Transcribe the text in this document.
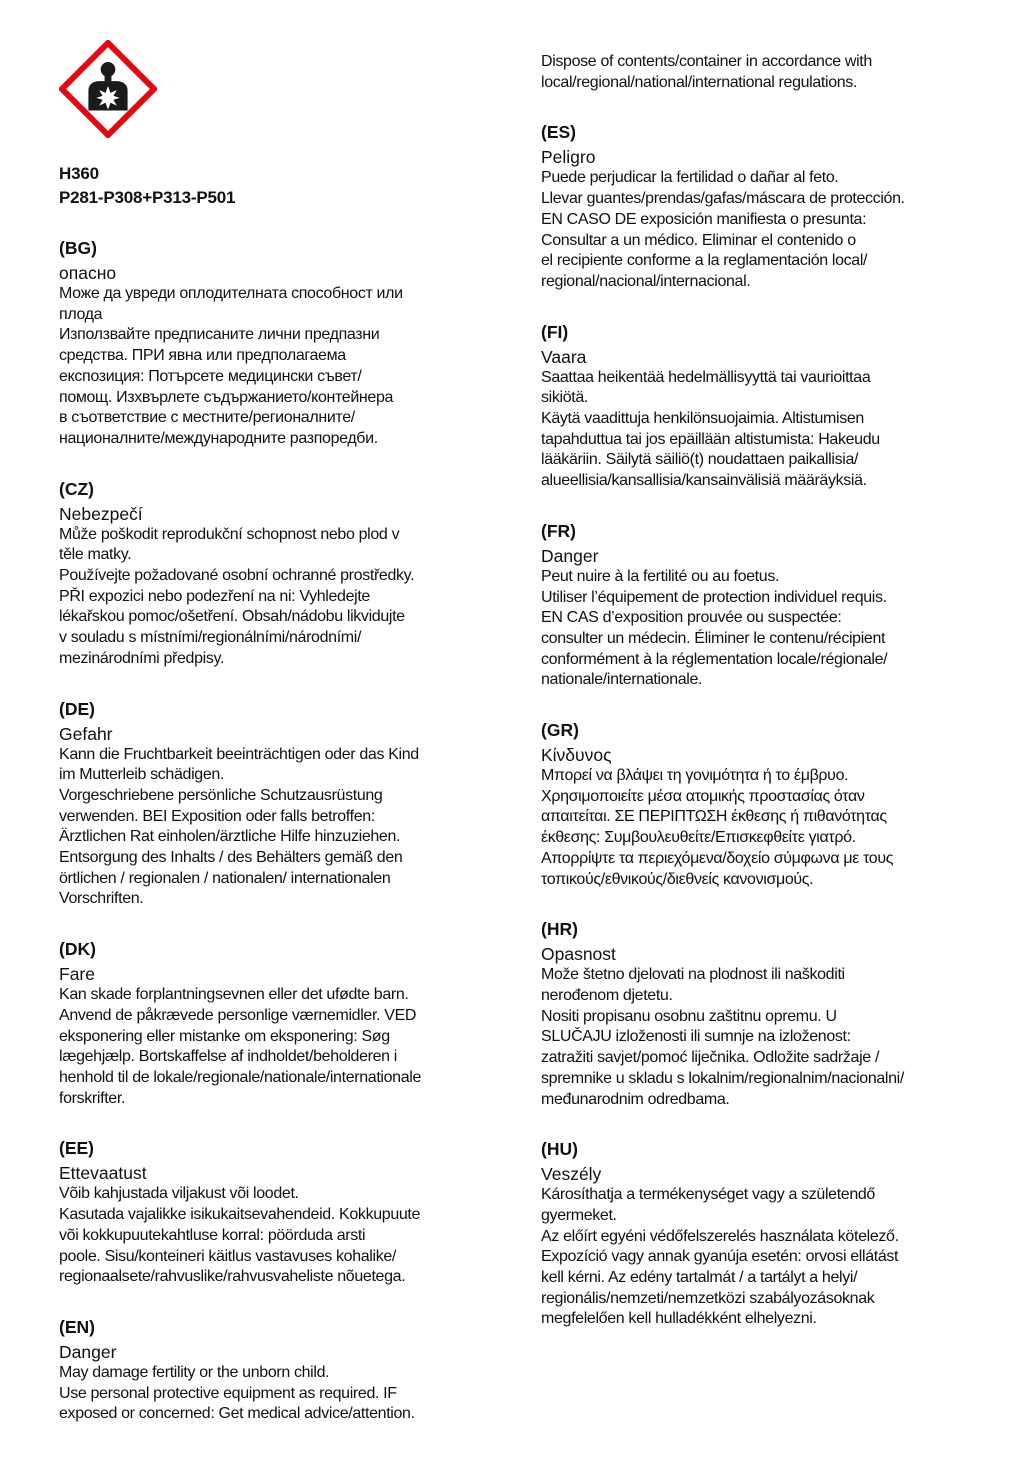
H360
P281-P308+P313-P501
(BG)
опасно

Може да увреди оплодителната способност или

плода

Използвайте предписаните лични предпазни

средства. ПРИ явна или предполагаема

експозиция: Потърсете медицински съвет/

помощ. Изхвърлете съдържанието/контейнера

в съответствие с местните/регионалните/

националните/международните разпоредби.

(CZ)
Nebezpečí

Může poškodit reprodukční schopnost nebo plod v

těle matky.

Používejte požadované osobní ochranné prostředky.

PŘI expozici nebo podezření na ni: Vyhledejte

lékařskou pomoc/ošetření. Obsah/nádobu likvidujte

v souladu s místními/regionálními/národními/

mezinárodními předpisy.

(DE)
Gefahr

Kann die Fruchtbarkeit beeinträchtigen oder das Kind

im Mutterleib schädigen.

Vorgeschriebene persönliche Schutzausrüstung

verwenden. BEI Exposition oder falls betroffen:

Ärztlichen Rat einholen/ärztliche Hilfe hinzuziehen.

Entsorgung des Inhalts / des Behälters gemäß den

örtlichen / regionalen / nationalen/ internationalen

Vorschriften.

(DK)
Fare

Kan skade forplantningsevnen eller det ufødte barn.

Anvend de påkrævede personlige værnemidler. VED

eksponering eller mistanke om eksponering: Søg

lægehjælp. Bortskaffelse af indholdet/beholderen i

henhold til de lokale/regionale/nationale/internationale

forskrifter.

(EE)
Ettevaatust

Võib kahjustada viljakust või loodet.

Kasutada vajalikke isikukaitsevahendeid. Kokkupuute

või kokkupuutekahtluse korral: pöörduda arsti

poole. Sisu/konteineri käitlus vastavuses kohalike/

regionaalsete/rahvuslike/rahvusvaheliste nõuetega.

(EN)
Danger

May damage fertility or the unborn child.

Use personal protective equipment as required. IF

exposed or concerned: Get medical advice/attention.

Dispose of contents/container in accordance with

local/regional/national/international regulations.

(ES)
Peligro

Puede perjudicar la fertilidad o dañar al feto.

Llevar guantes/prendas/gafas/máscara de protección.

EN CASO DE exposición manifiesta o presunta:

Consultar a un médico. Eliminar el contenido o

el recipiente conforme a la reglamentación local/

regional/nacional/internacional.

(FI)
Vaara

Saattaa heikentää hedelmällisyyttä tai vaurioittaa

sikiötä.

Käytä vaadittuja henkilönsuojaimia. Altistumisen

tapahduttua tai jos epäillään altistumista: Hakeudu

lääkäriin. Säilytä säiliö(t) noudattaen paikallisia/

alueellisia/kansallisia/kansainvälisiä määräyksiä.

(FR)
Danger

Peut nuire à la fertilité ou au foetus.

Utiliser l’équipement de protection individuel requis.

EN CAS d’exposition prouvée ou suspectée:

consulter un médecin. Éliminer le contenu/récipient

conformément à la réglementation locale/régionale/

nationale/internationale.

(GR)
Κίνδυνος

Μπορεί να βλάψει τη γονιμότητα ή το έμβρυο.

Χρησιμοποιείτε μέσα ατομικής προστασίας όταν

απαιτείται. ΣΕ ΠΕΡΙΠΤΩΣΗ έκθεσης ή πιθανότητας

έκθεσης: Συμβουλευθείτε/Επισκεφθείτε γιατρό.

Απορρίψτε τα περιεχόμενα/δοχείο σύμφωνα με τους

τοπικούς/εθνικούς/διεθνείς κανονισμούς.

(HR)
Opasnost

Može štetno djelovati na plodnost ili naškoditi

nerođenom djetetu.

Nositi propisanu osobnu zaštitnu opremu. U

SLUČAJU izloženosti ili sumnje na izloženost:

zatražiti savjet/pomoć liječnika. Odložite sadržaje /

spremnike u skladu s lokalnim/regionalnim/nacionalni/

međunarodnim odredbama.

(HU)
Veszély

Károsíthatja a termékenységet vagy a születendő

gyermeket.

Az előírt egyéni védőfelszerelés használata kötelező.

Expozíció vagy annak gyanúja esetén: orvosi ellátást

kell kérni. Az edény tartalmát / a tartályt a helyi/

regionális/nemzeti/nemzetközi szabályozásoknak

megfelelően kell hulladékként elhelyezni.
